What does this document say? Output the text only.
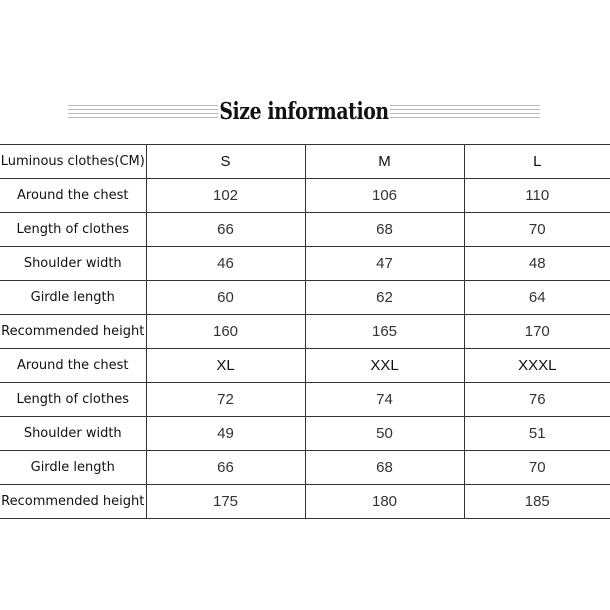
Size information
Luminous clothes(CM)	S	M	L
Around the chest	102	106	110
Length of clothes	66	68	70
Shoulder width	46	47	48
Girdle length	60	62	64
Recommended height	160	165	170
Around the chest	XL	XXL	XXXL
Length of clothes	72	74	76
Shoulder width	49	50	51
Girdle length	66	68	70
Recommended height	175	180	185
